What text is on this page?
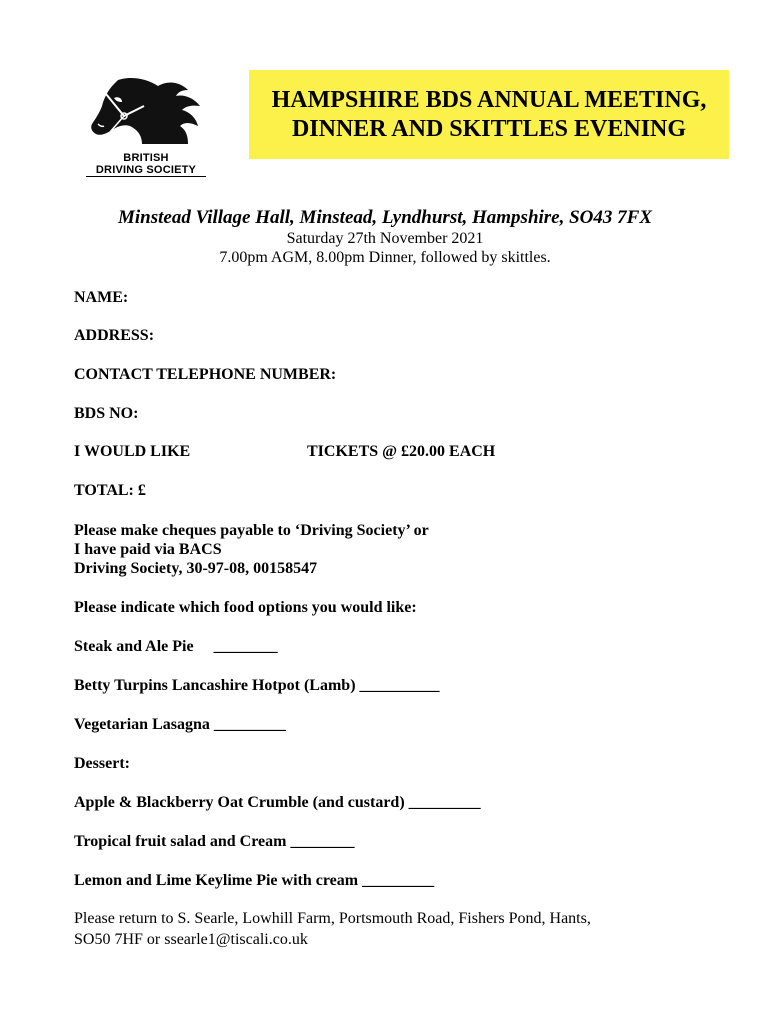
BRITISH
DRIVING SOCIETY
HAMPSHIRE BDS ANNUAL MEETING,
DINNER AND SKITTLES EVENING
Minstead Village Hall, Minstead, Lyndhurst, Hampshire, SO43 7FX
Saturday 27th November 2021
7.00pm AGM, 8.00pm Dinner, followed by skittles.
NAME:
ADDRESS:
CONTACT TELEPHONE NUMBER:
BDS NO:
I WOULD LIKE	TICKETS @ £20.00 EACH
TOTAL: £
Please make cheques payable to ‘Driving Society’ or
I have paid via BACS
Driving Society, 30-97-08, 00158547
Please indicate which food options you would like:
Steak and Ale Pie     ________
Betty Turpins Lancashire Hotpot (Lamb) __________
Vegetarian Lasagna _________
Dessert:
Apple & Blackberry Oat Crumble (and custard) _________
Tropical fruit salad and Cream ________
Lemon and Lime Keylime Pie with cream _________
Please return to S. Searle, Lowhill Farm, Portsmouth Road, Fishers Pond, Hants,
SO50 7HF or ssearle1@tiscali.co.uk
